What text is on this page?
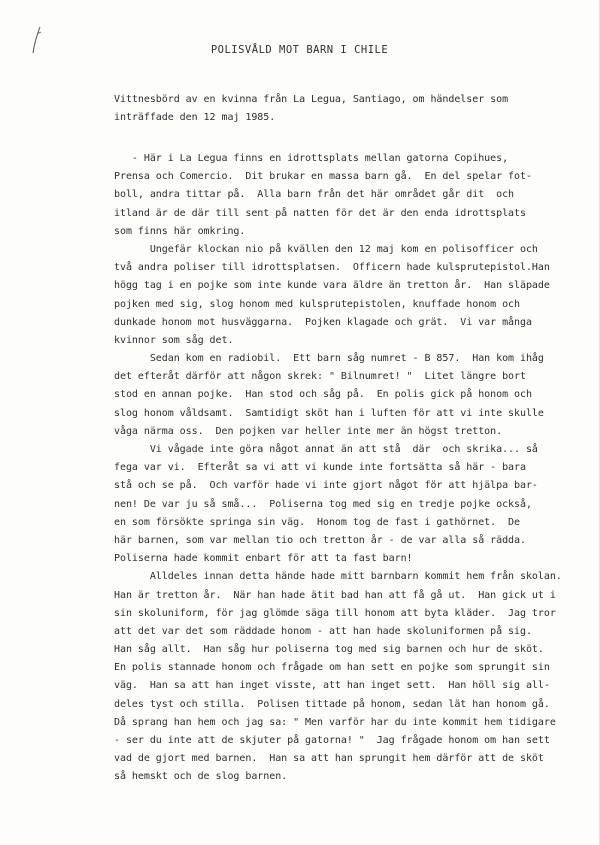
POLISVÅLD MOT BARN I CHILE
Vittnesbörd av en kvinna från La Legua, Santiago, om händelser som
inträffade den 12 maj 1985.
- Här i La Legua finns en idrottsplats mellan gatorna Copihues,
Prensa och Comercio.  Dit brukar en massa barn gå.  En del spelar fot-
boll, andra tittar på.  Alla barn från det här området går dit  och
itland är de där till sent på natten för det är den enda idrottsplats
som finns här omkring.
Ungefär klockan nio på kvällen den 12 maj kom en polisofficer och
två andra poliser till idrottsplatsen.  Officern hade kulsprutepistol.Han
högg tag i en pojke som inte kunde vara äldre än tretton år.  Han släpade
pojken med sig, slog honom med kulsprutepistolen, knuffade honom och
dunkade honom mot husväggarna.  Pojken klagade och grät.  Vi var många
kvinnor som såg det.
Sedan kom en radiobil.  Ett barn såg numret - B 857.  Han kom ihåg
det efteråt därför att någon skrek: " Bilnumret! "  Litet längre bort
stod en annan pojke.  Han stod och såg på.  En polis gick på honom och
slog honom våldsamt.  Samtidigt sköt han i luften för att vi inte skulle
våga närma oss.  Den pojken var heller inte mer än högst tretton.
Vi vågade inte göra något annat än att stå  där  och skrika... så
fega var vi.  Efteråt sa vi att vi kunde inte fortsätta så här - bara
stå och se på.  Och varför hade vi inte gjort något för att hjälpa bar-
nen! De var ju så små...  Poliserna tog med sig en tredje pojke också,
en som försökte springa sin väg.  Honom tog de fast i gathörnet.  De
här barnen, som var mellan tio och tretton år - de var alla så rädda.
Poliserna hade kommit enbart för att ta fast barn!
Alldeles innan detta hände hade mitt barnbarn kommit hem från skolan.
Han är tretton år.  När han hade ätit bad han att få gå ut.  Han gick ut i
sin skoluniform, för jag glömde säga till honom att byta kläder.  Jag tror
att det var det som räddade honom - att han hade skoluniformen på sig.
Han såg allt.  Han såg hur poliserna tog med sig barnen och hur de sköt.
En polis stannade honom och frågade om han sett en pojke som sprungit sin
väg.  Han sa att han inget visste, att han inget sett.  Han höll sig all-
deles tyst och stilla.  Polisen tittade på honom, sedan lät han honom gå.
Då sprang han hem och jag sa: " Men varför har du inte kommit hem tidigare
- ser du inte att de skjuter på gatorna! "  Jag frågade honom om han sett
vad de gjort med barnen.  Han sa att han sprungit hem därför att de sköt
så hemskt och de slog barnen.
